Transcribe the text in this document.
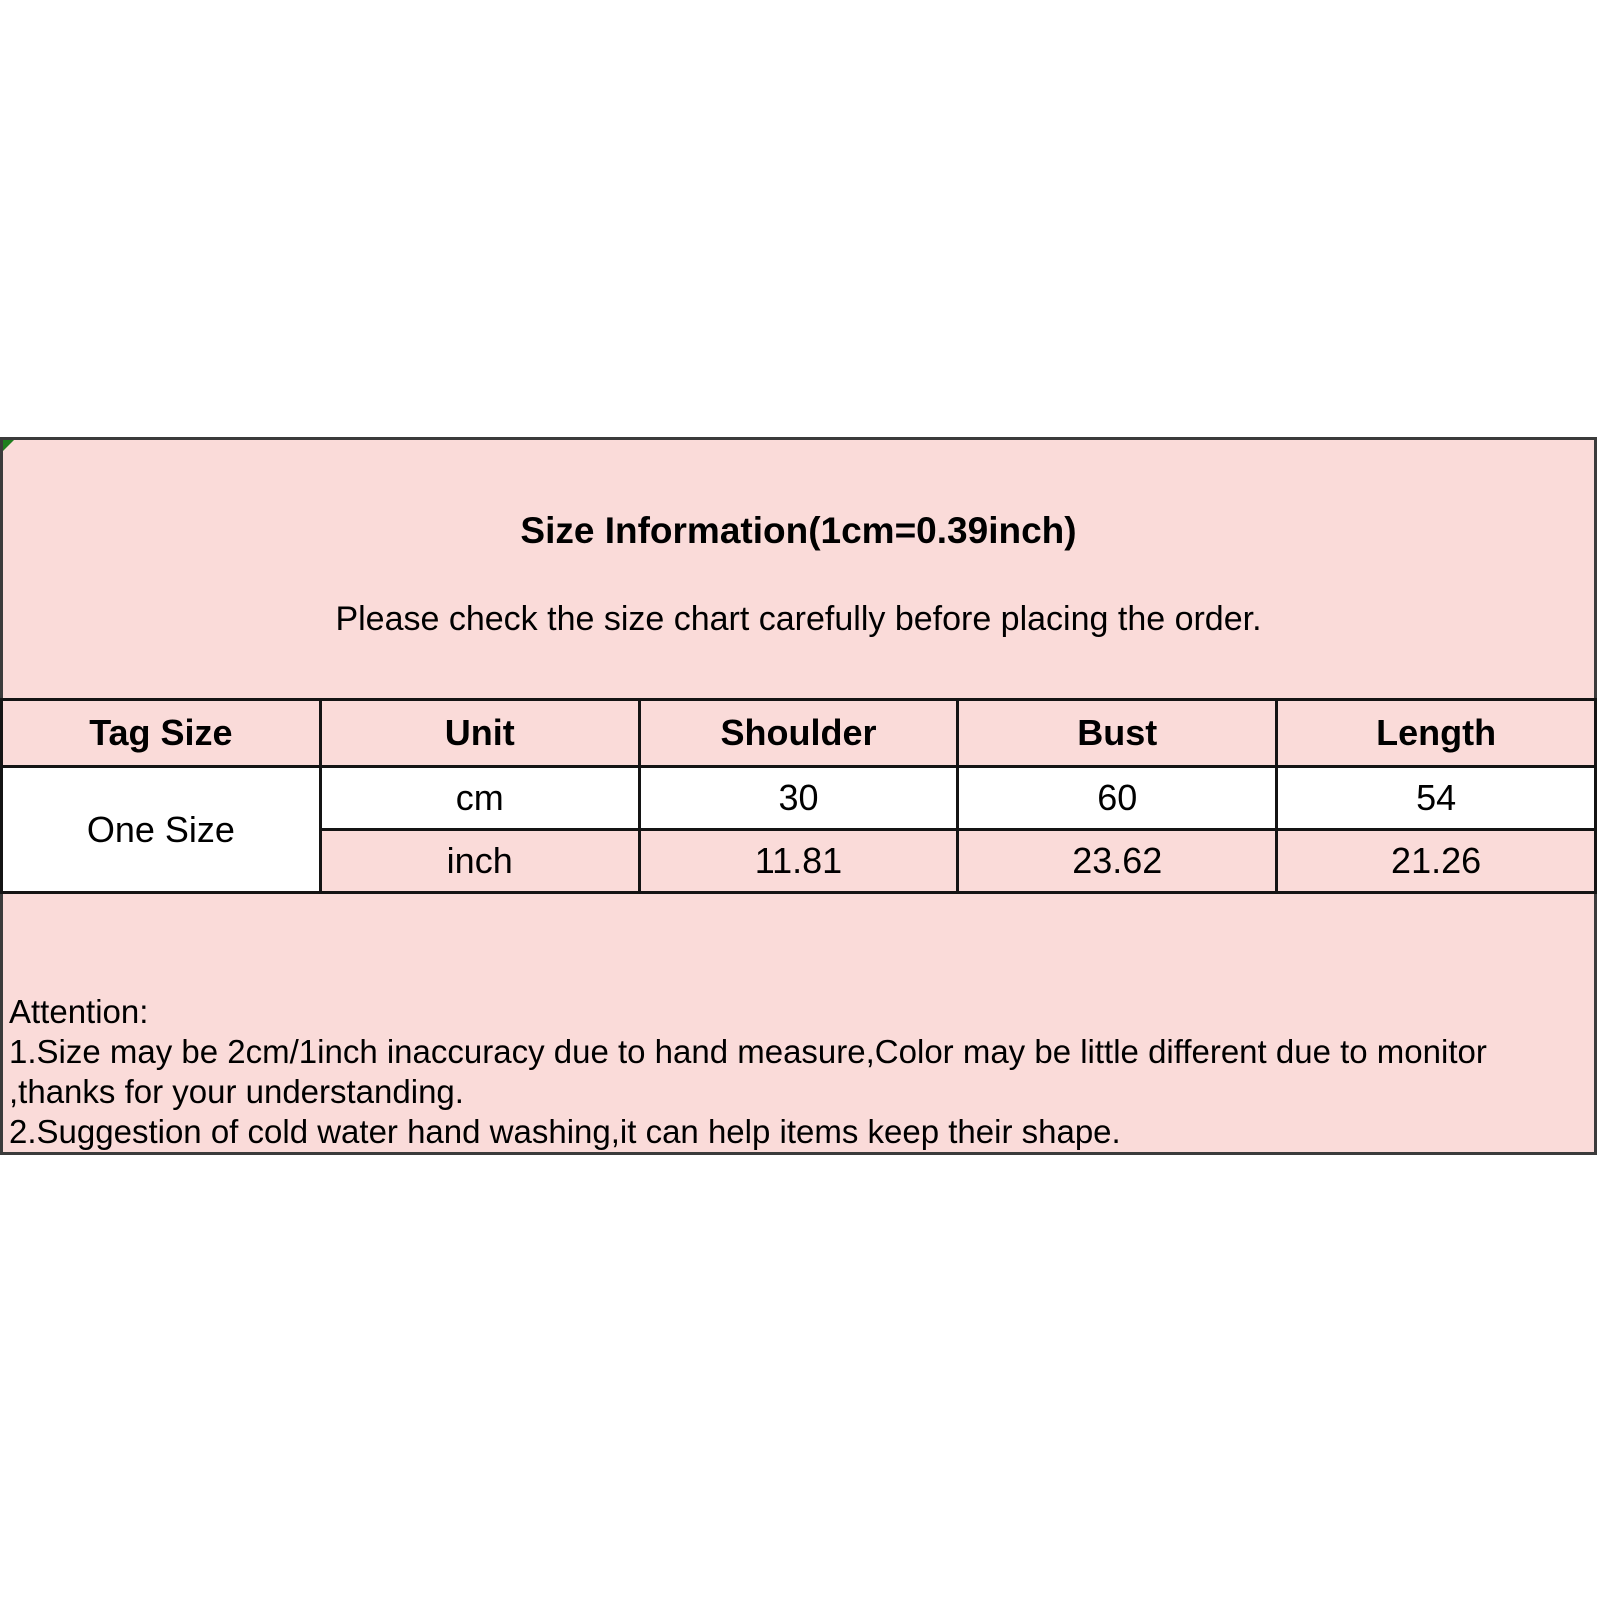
Size Information(1cm=0.39inch)
Please check the size chart carefully before placing the order.
Tag Size	Unit	Shoulder	Bust	Length
One Size	cm	30	60	54
	inch	11.81	23.62	21.26
Attention:
1.Size may be 2cm/1inch inaccuracy due to hand measure,Color may be little different due to monitor
,thanks for your understanding.
2.Suggestion of cold water hand washing,it can help items keep their shape.
